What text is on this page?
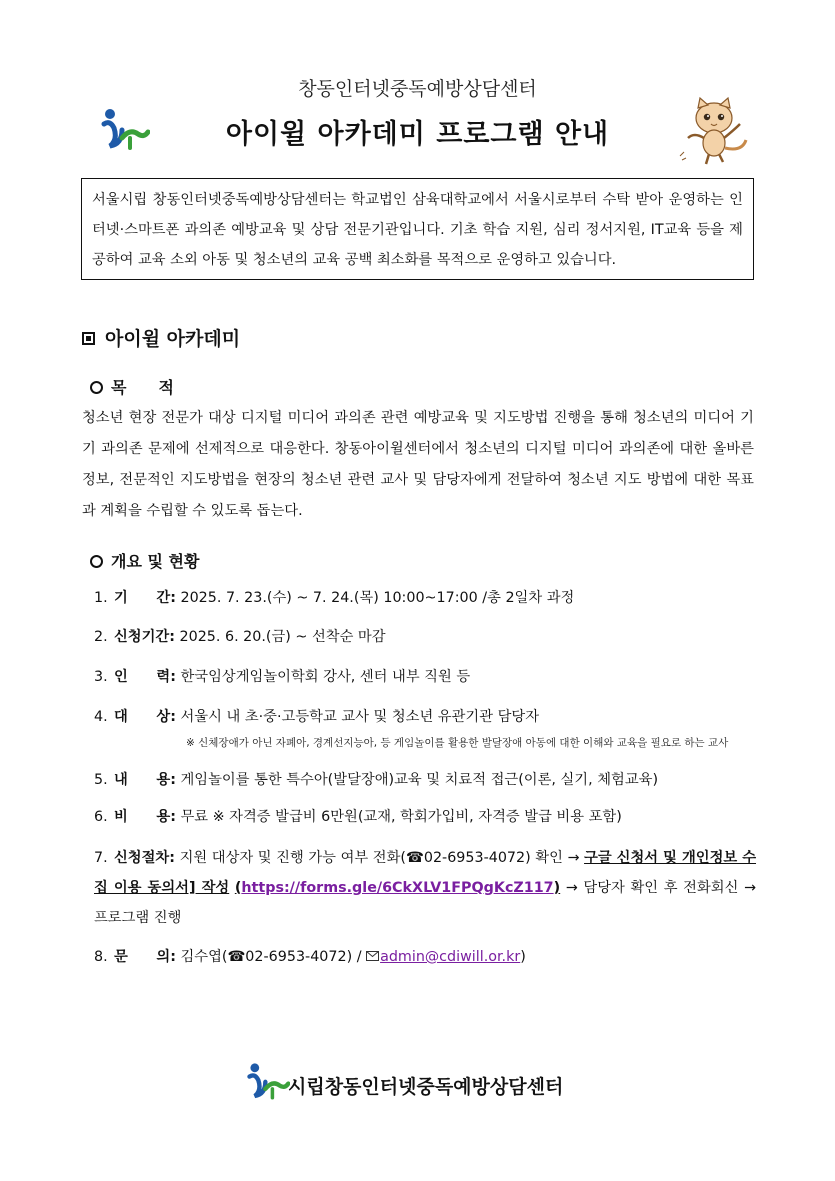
창동인터넷중독예방상담센터
아이윌 아카데미 프로그램 안내
서울시립 창동인터넷중독예방상담센터는 학교법인 삼육대학교에서 서울시로부터 수탁 받아 운영하는 인터넷·스마트폰 과의존 예방교육 및 상담 전문기관입니다. 기초 학습 지원, 심리 정서지원, IT교육 등을 제공하여 교육 소외 아동 및 청소년의 교육 공백 최소화를 목적으로 운영하고 있습니다.
아이윌 아카데미
목　　적
청소년 현장 전문가 대상 디지털 미디어 과의존 관련 예방교육 및 지도방법 진행을 통해 청소년의 미디어 기기 과의존 문제에 선제적으로 대응한다. 창동아이윌센터에서 청소년의 디지털 미디어 과의존에 대한 올바른 정보, 전문적인 지도방법을 현장의 청소년 관련 교사 및 담당자에게 전달하여 청소년 지도 방법에 대한 목표과 계획을 수립할 수 있도록 돕는다.
개요 및 현황
1. 기　　간: 2025. 7. 23.(수) ~ 7. 24.(목) 10:00~17:00 /총 2일차 과정
2. 신청기간: 2025. 6. 20.(금) ~ 선착순 마감
3. 인　　력: 한국임상게임놀이학회 강사, 센터 내부 직원 등
4. 대　　상: 서울시 내 초·중·고등학교 교사 및 청소년 유관기관 담당자
※ 신체장애가 아닌 자폐아, 경계선지능아, 등 게임놀이를 활용한 발달장애 아동에 대한 이해와 교육을 필요로 하는 교사
5. 내　　용: 게임놀이를 통한 특수아(발달장애)교육 및 치료적 접근(이론, 실기, 체험교육)
6. 비　　용: 무료 ※ 자격증 발급비 6만원(교재, 학회가입비, 자격증 발급 비용 포함)
7. 신청절차: 지원 대상자 및 진행 가능 여부 전화(☎02-6953-4072) 확인 → 구글 신청서 및 개인정보 수집 이용 동의서] 작성 (https://forms.gle/6CkXLV1FPQgKcZ117) → 담당자 확인 후 전화회신 → 프로그램 진행
8. 문　　의: 김수엽(☎02-6953-4072) /
admin@cdiwill.or.kr)
시립창동인터넷중독예방상담센터
